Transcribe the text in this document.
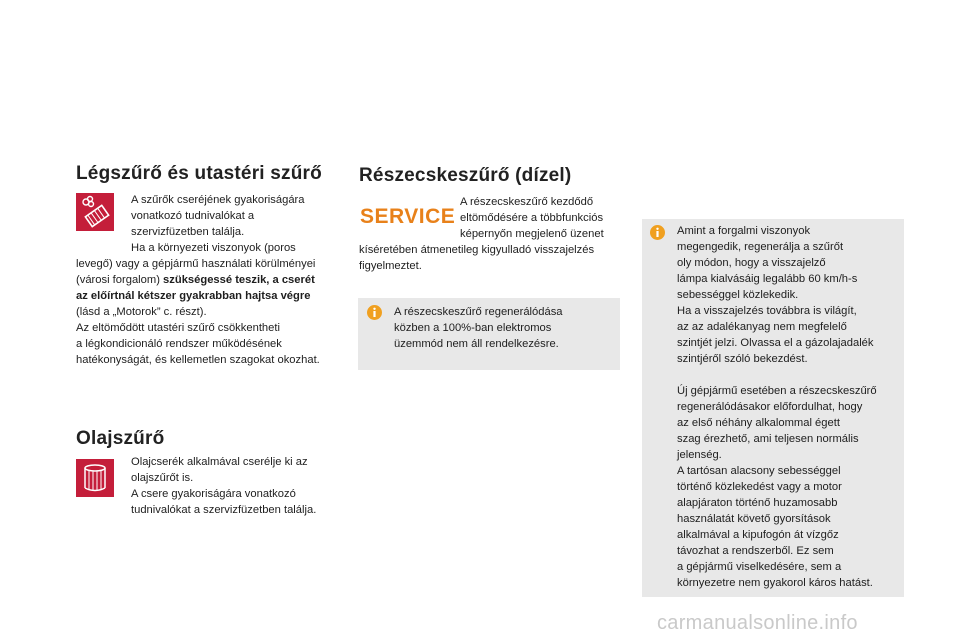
Légszűrő és utastéri szűrő
A szűrők cseréjének gyakoriságára
vonatkozó tudnivalókat a
szervizfüzetben találja.
Ha a környezeti viszonyok (poros
levegő) vagy a gépjármű használati körülményei
(városi forgalom) szükségessé teszik, a cserét
az előírtnál kétszer gyakrabban hajtsa végre
(lásd a „Motorok” c. részt).
Az eltömődött utastéri szűrő csökkentheti
a légkondicionáló rendszer működésének
hatékonyságát, és kellemetlen szagokat okozhat.
Olajszűrő
Olajcserék alkalmával cserélje ki az
olajszűrőt is.
A csere gyakoriságára vonatkozó
tudnivalókat a szervizfüzetben találja.
Részecskeszűrő (dízel)
SERVICE
A részecskeszűrő kezdődő
eltömődésére a többfunkciós
képernyőn megjelenő üzenet
kíséretében átmenetileg kigyulladó visszajelzés
figyelmeztet.
A részecskeszűrő regenerálódása
közben a 100%-ban elektromos
üzemmód nem áll rendelkezésre.
Amint a forgalmi viszonyok
megengedik, regenerálja a szűrőt
oly módon, hogy a visszajelző
lámpa kialvásáig legalább 60 km/h-s
sebességgel közlekedik.
Ha a visszajelzés továbbra is világít,
az az adalékanyag nem megfelelő
szintjét jelzi. Olvassa el a gázolajadalék
szintjéről szóló bekezdést.
Új gépjármű esetében a részecskeszűrő
regenerálódásakor előfordulhat, hogy
az első néhány alkalommal égett
szag érezhető, ami teljesen normális
jelenség.
A tartósan alacsony sebességgel
történő közlekedést vagy a motor
alapjáraton történő huzamosabb
használatát követő gyorsítások
alkalmával a kipufogón át vízgőz
távozhat a rendszerből. Ez sem
a gépjármű viselkedésére, sem a
környezetre nem gyakorol káros hatást.
carmanualsonline.info
